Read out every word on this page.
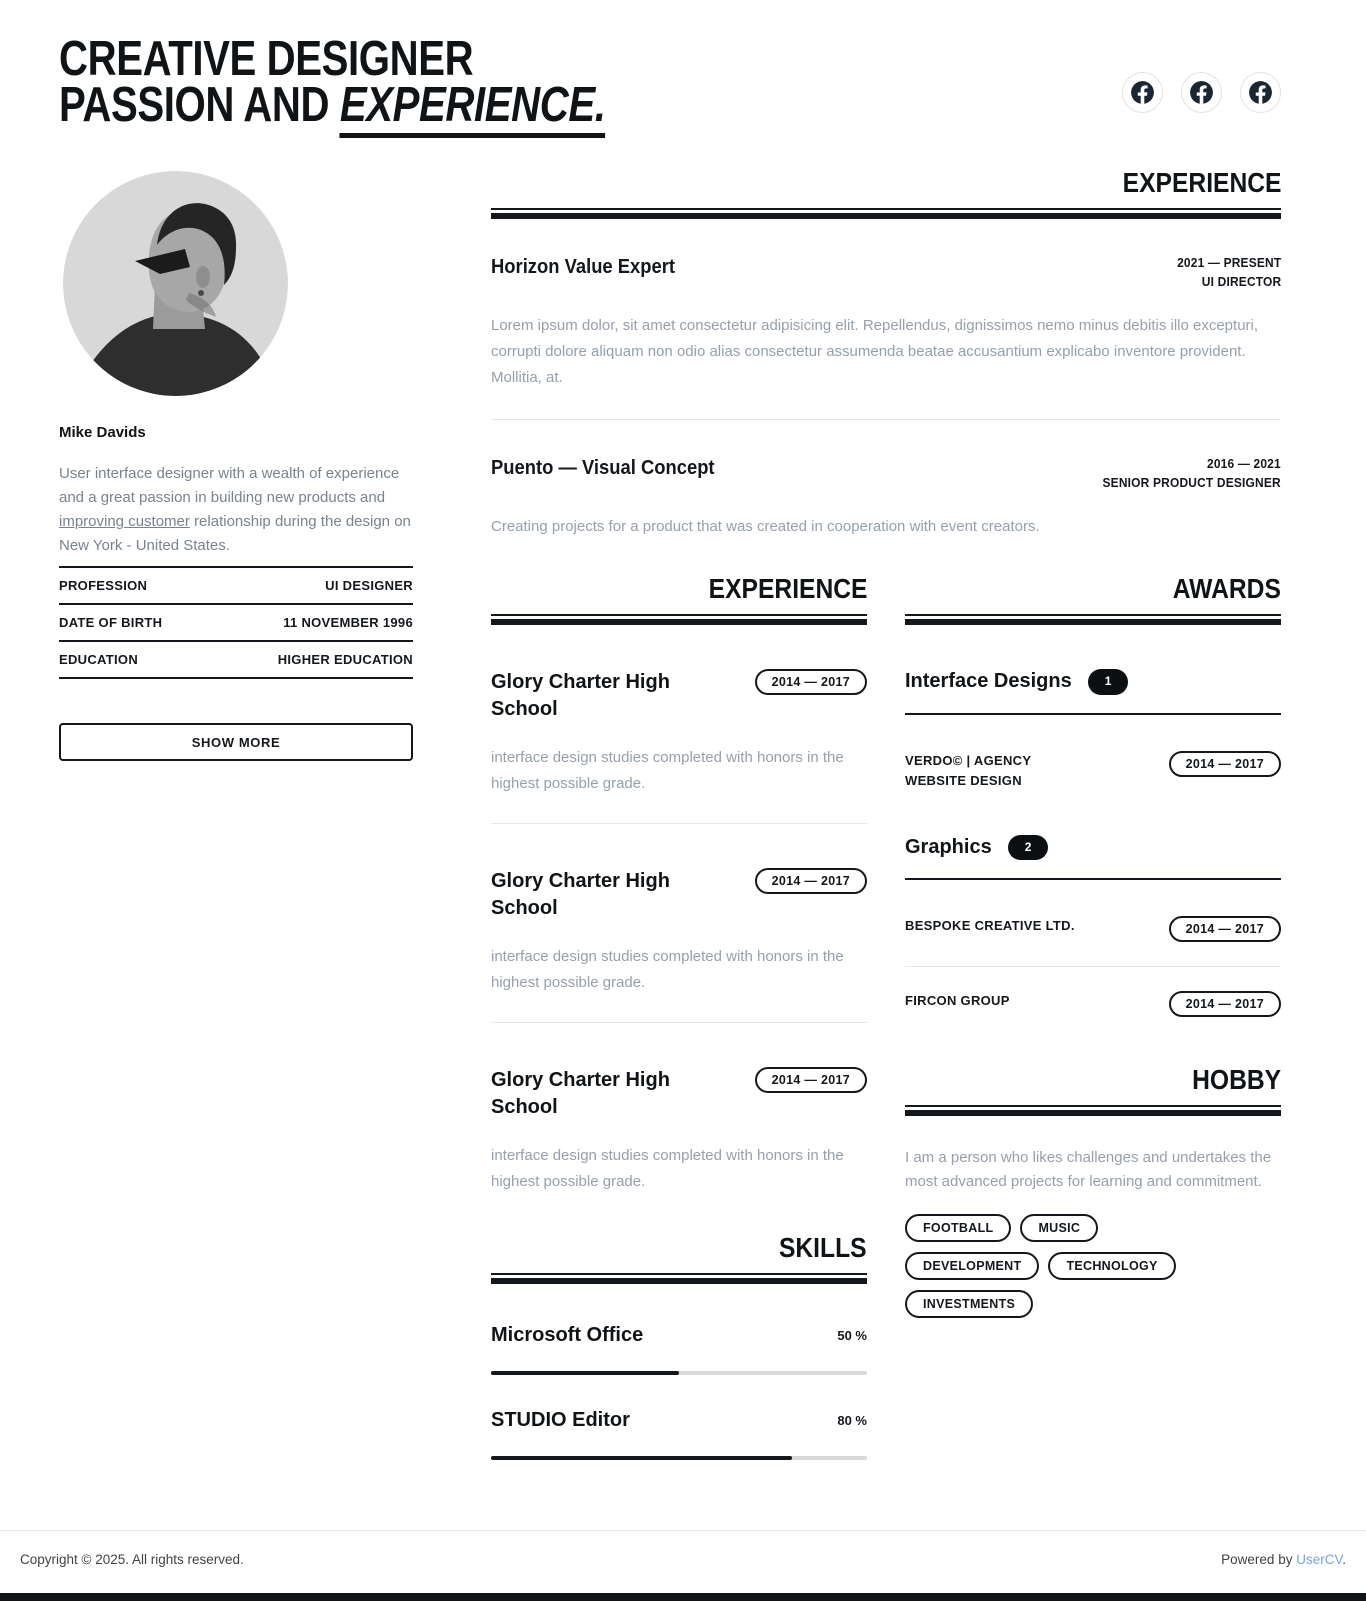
CREATIVE DESIGNER
PASSION AND EXPERIENCE.
Mike Davids

User interface designer with a wealth of experience and a great passion in building new products and improving customer relationship during the design on New York - United States.

PROFESSION	UI DESIGNER
DATE OF BIRTH	11 NOVEMBER 1996
EDUCATION	HIGHER EDUCATION
SHOW MORE
EXPERIENCE
Horizon Value Expert	2021 — PRESENT
UI DIRECTOR

Lorem ipsum dolor, sit amet consectetur adipisicing elit. Repellendus, dignissimos nemo minus debitis illo excepturi, corrupti dolore aliquam non odio alias consectetur assumenda beatae accusantium explicabo inventore provident. Mollitia, at.

Puento — Visual Concept	2016 — 2021
SENIOR PRODUCT DESIGNER

Creating projects for a product that was created in cooperation with event creators.

EXPERIENCE
Glory Charter High School
2014 — 2017

interface design studies completed with honors in the highest possible grade.

Glory Charter High School
2014 — 2017

interface design studies completed with honors in the highest possible grade.

Glory Charter High School
2014 — 2017

interface design studies completed with honors in the highest possible grade.

SKILLS
Microsoft Office	50 %
STUDIO Editor	80 %
AWARDS
Interface Designs	1
VERDO© | AGENCY
WEBSITE DESIGN
2014 — 2017
Graphics	2
BESPOKE CREATIVE LTD.	2014 — 2017
FIRCON GROUP	2014 — 2017
HOBBY

I am a person who likes challenges and undertakes the most advanced projects for learning and commitment.

FOOTBALL	MUSIC
DEVELOPMENT	TECHNOLOGY
INVESTMENTS
Copyright © 2025. All rights reserved.	Powered by UserCV.
